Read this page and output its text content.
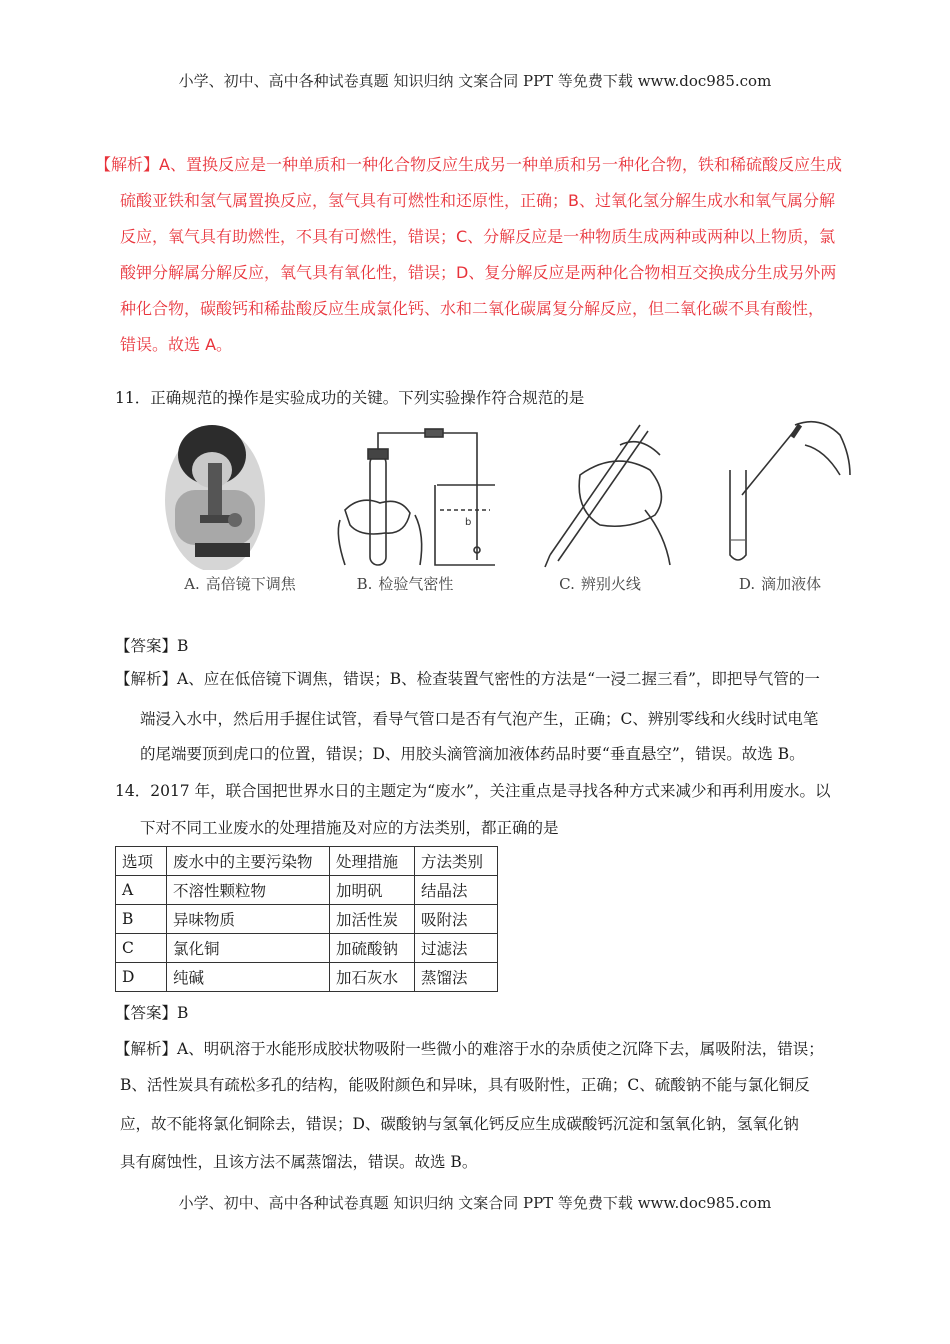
小学、初中、高中各种试卷真题 知识归纳 文案合同 PPT 等免费下载 www.doc985.com
【解析】A、置换反应是一种单质和一种化合物反应生成另一种单质和另一种化合物，铁和稀硫酸反应生成
硫酸亚铁和氢气属置换反应，氢气具有可燃性和还原性，正确；B、过氧化氢分解生成水和氧气属分解
反应，氧气具有助燃性，不具有可燃性，错误；C、分解反应是一种物质生成两种或两种以上物质，氯
酸钾分解属分解反应，氧气具有氧化性，错误；D、复分解反应是两种化合物相互交换成分生成另外两
种化合物，碳酸钙和稀盐酸反应生成氯化钙、水和二氧化碳属复分解反应，但二氧化碳不具有酸性，
错误。故选 A。
11．正确规范的操作是实验成功的关键。下列实验操作符合规范的是
A. 高倍镜下调焦
b
B. 检验气密性	C. 辨别火线	D. 滴加液体
【答案】B
【解析】A、应在低倍镜下调焦，错误；B、检查装置气密性的方法是“一浸二握三看”，即把导气管的一
端浸入水中，然后用手握住试管，看导气管口是否有气泡产生，正确；C、辨别零线和火线时试电笔
的尾端要顶到虎口的位置，错误；D、用胶头滴管滴加液体药品时要“垂直悬空”，错误。故选 B。
14．2017 年，联合国把世界水日的主题定为“废水”，关注重点是寻找各种方式来减少和再利用废水。以
下对不同工业废水的处理措施及对应的方法类别，都正确的是
选项	废水中的主要污染物	处理措施	方法类别
A	不溶性颗粒物	加明矾	结晶法
B	异味物质	加活性炭	吸附法
C	氯化铜	加硫酸钠	过滤法
D	纯碱	加石灰水	蒸馏法
【答案】B
【解析】A、明矾溶于水能形成胶状物吸附一些微小的难溶于水的杂质使之沉降下去，属吸附法，错误；
B、活性炭具有疏松多孔的结构，能吸附颜色和异味，具有吸附性，正确；C、硫酸钠不能与氯化铜反
应，故不能将氯化铜除去，错误；D、碳酸钠与氢氧化钙反应生成碳酸钙沉淀和氢氧化钠，氢氧化钠
具有腐蚀性，且该方法不属蒸馏法，错误。故选 B。
小学、初中、高中各种试卷真题 知识归纳 文案合同 PPT 等免费下载 www.doc985.com
